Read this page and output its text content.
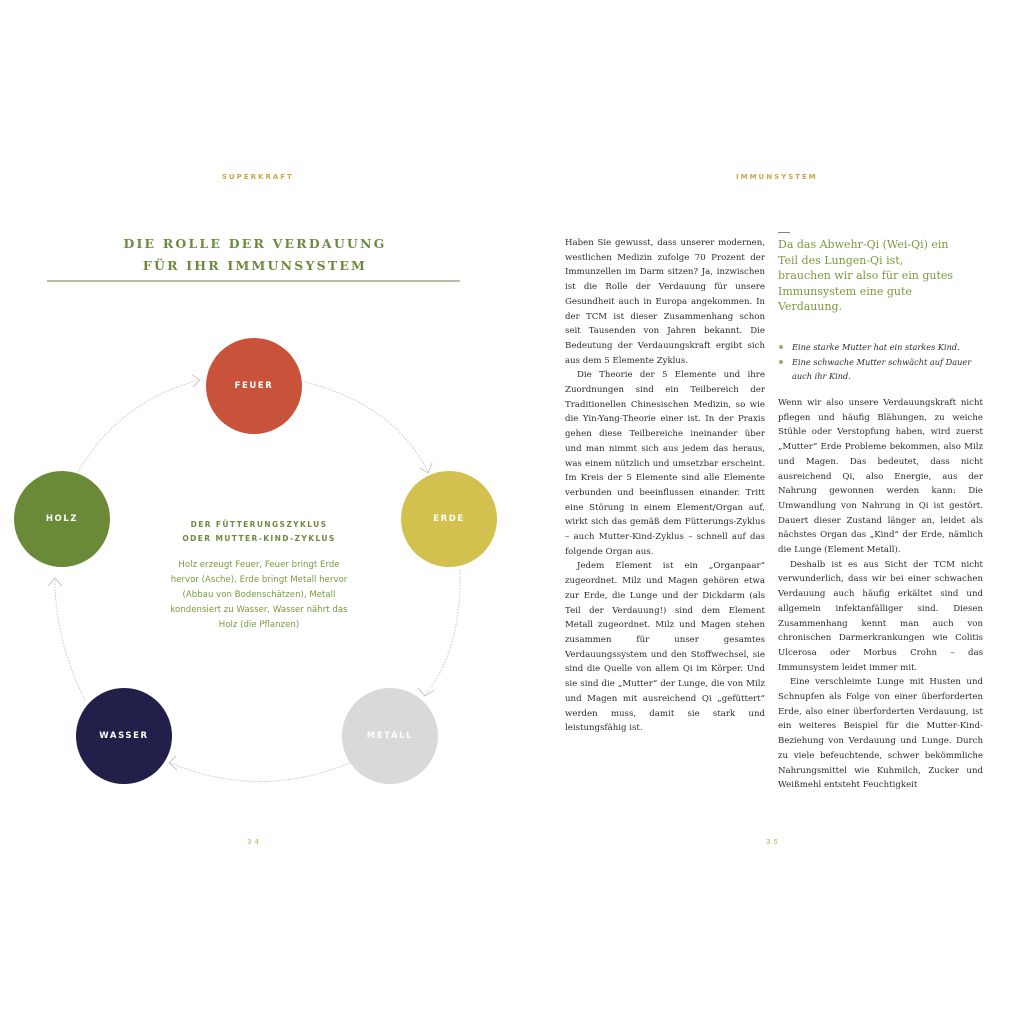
SUPERKRAFT
DIE ROLLE DER VERDAUUNG
FÜR IHR IMMUNSYSTEM
FEUER
ERDE
METALL
WASSER
HOLZ
DER FÜTTERUNGSZYKLUS
ODER MUTTER-KIND-ZYKLUS
Holz erzeugt Feuer, Feuer bringt Erde hervor (Asche), Erde bringt Metall hervor (Abbau von Bodenschätzen), Metall kondensiert zu Wasser, Wasser nährt das Holz (die Pflanzen)
34
IMMUNSYSTEM

Haben Sie gewusst, dass unserer modernen, westlichen Medizin zufolge 70 Prozent der Immunzellen im Darm sitzen? Ja, inzwischen ist die Rolle der Verdauung für unsere Gesundheit auch in Europa angekommen. In der TCM ist dieser Zusammenhang schon seit Tausenden von Jahren bekannt. Die Bedeutung der Verdauungskraft ergibt sich aus dem 5 Elemente Zyklus.

Die Theorie der 5 Elemente und ihre Zuordnungen sind ein Teilbereich der Traditionellen Chinesischen Medizin, so wie die Yin-Yang-Theorie einer ist. In der Praxis gehen diese Teilbereiche ineinander über und man nimmt sich aus jedem das heraus, was einem nützlich und umsetzbar erscheint. Im Kreis der 5 Elemente sind alle Elemente verbunden und beeinflussen einander. Tritt eine Störung in einem Element/Organ auf, wirkt sich das gemäß dem Fütterungs-Zyklus – auch Mutter-Kind-Zyklus – schnell auf das folgende Organ aus.

Jedem Element ist ein „Organpaar“ zugeordnet. Milz und Magen gehören etwa zur Erde, die Lunge und der Dickdarm (als Teil der Verdauung!) sind dem Element Metall zugeordnet. Milz und Magen stehen zusammen für unser gesamtes Verdauungssystem und den Stoffwechsel, sie sind die Quelle von allem Qi im Körper. Und sie sind die „Mutter“ der Lunge, die von Milz und Magen mit ausreichend Qi „gefüttert“ werden muss, damit sie stark und leistungsfähig ist.

Da das Abwehr-Qi (Wei-Qi) ein Teil des Lungen-Qi ist, brauchen wir also für ein gutes Immunsystem eine gute Verdauung.
Eine starke Mutter hat ein starkes Kind.
Eine schwache Mutter schwächt auf Dauer auch ihr Kind.

Wenn wir also unsere Verdauungskraft nicht pflegen und häufig Blähungen, zu weiche Stühle oder Verstopfung haben, wird zuerst „Mutter“ Erde Probleme bekommen, also Milz und Magen. Das bedeutet, dass nicht ausreichend Qi, also Energie, aus der Nahrung gewonnen werden kann: Die Umwandlung von Nahrung in Qi ist gestört. Dauert dieser Zustand länger an, leidet als nächstes Organ das „Kind“ der Erde, nämlich die Lunge (Element Metall).

Deshalb ist es aus Sicht der TCM nicht verwunderlich, dass wir bei einer schwachen Verdauung auch häufig erkältet sind und allgemein infektanfälliger sind. Diesen Zusammenhang kennt man auch von chronischen Darmerkrankungen wie Colitis Ulcerosa oder Morbus Crohn – das Immunsystem leidet immer mit.

Eine verschleimte Lunge mit Husten und Schnupfen als Folge von einer überforderten Erde, also einer überforderten Verdauung, ist ein weiteres Beispiel für die Mutter-Kind-Beziehung von Verdauung und Lunge. Durch zu viele befeuchtende, schwer bekömmliche Nahrungsmittel wie Kuhmilch, Zucker und Weißmehl entsteht Feuchtigkeit

35
